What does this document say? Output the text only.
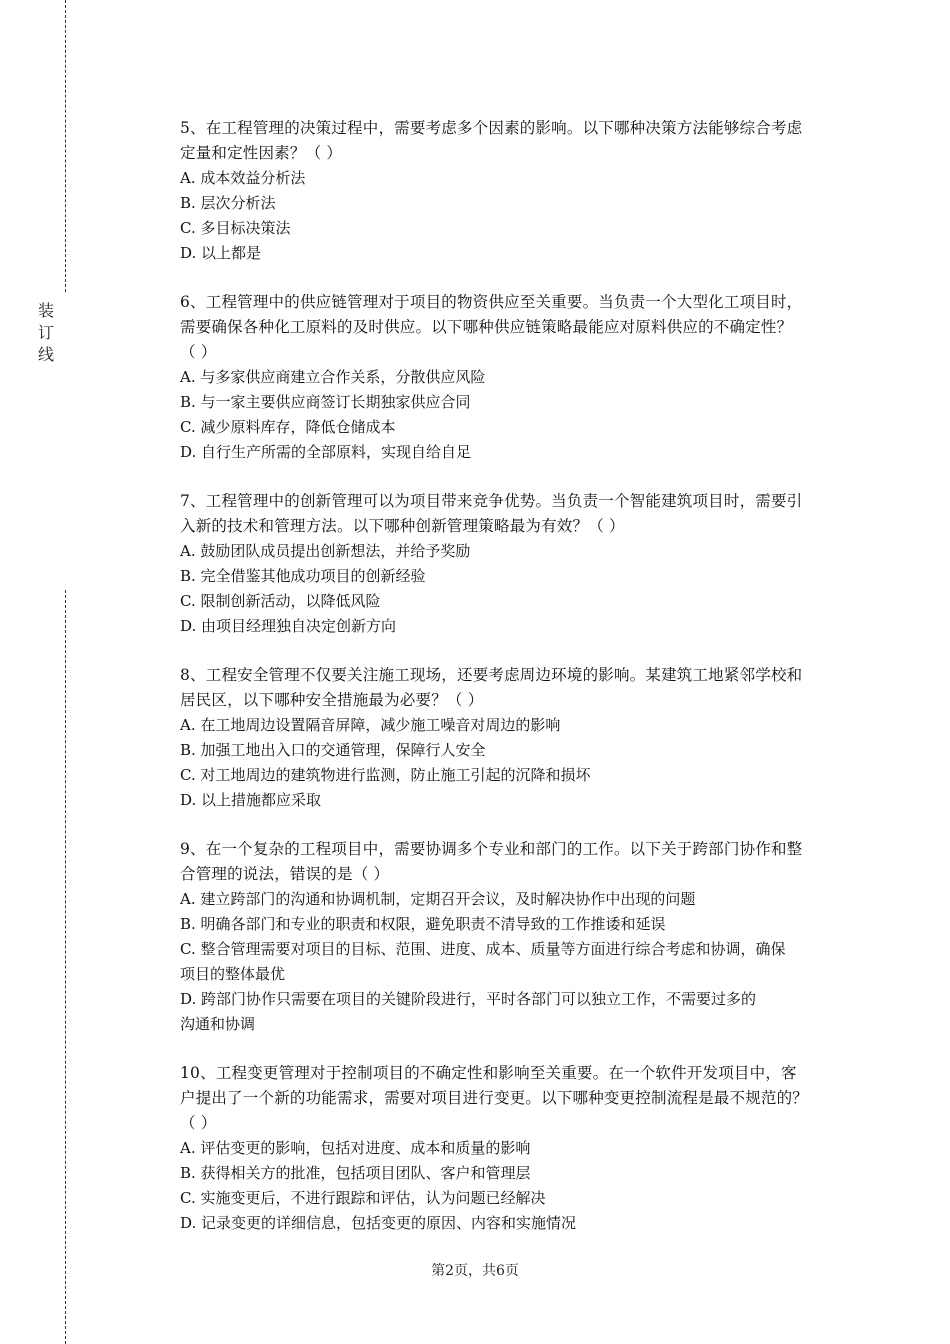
装订线

5、在工程管理的决策过程中，需要考虑多个因素的影响。以下哪种决策方法能够综合考虑

定量和定性因素？（ ）

A. 成本效益分析法

B. 层次分析法

C. 多目标决策法

D. 以上都是

6、工程管理中的供应链管理对于项目的物资供应至关重要。当负责一个大型化工项目时，

需要确保各种化工原料的及时供应。以下哪种供应链策略最能应对原料供应的不确定性？

（ ）

A. 与多家供应商建立合作关系，分散供应风险

B. 与一家主要供应商签订长期独家供应合同

C. 减少原料库存，降低仓储成本

D. 自行生产所需的全部原料，实现自给自足

7、工程管理中的创新管理可以为项目带来竞争优势。当负责一个智能建筑项目时，需要引

入新的技术和管理方法。以下哪种创新管理策略最为有效？（ ）

A. 鼓励团队成员提出创新想法，并给予奖励

B. 完全借鉴其他成功项目的创新经验

C. 限制创新活动，以降低风险

D. 由项目经理独自决定创新方向

8、工程安全管理不仅要关注施工现场，还要考虑周边环境的影响。某建筑工地紧邻学校和

居民区，以下哪种安全措施最为必要？（ ）

A. 在工地周边设置隔音屏障，减少施工噪音对周边的影响

B. 加强工地出入口的交通管理，保障行人安全

C. 对工地周边的建筑物进行监测，防止施工引起的沉降和损坏

D. 以上措施都应采取

9、在一个复杂的工程项目中，需要协调多个专业和部门的工作。以下关于跨部门协作和整

合管理的说法，错误的是（ ）

A. 建立跨部门的沟通和协调机制，定期召开会议，及时解决协作中出现的问题

B. 明确各部门和专业的职责和权限，避免职责不清导致的工作推诿和延误

C. 整合管理需要对项目的目标、范围、进度、成本、质量等方面进行综合考虑和协调，确保

项目的整体最优

D. 跨部门协作只需要在项目的关键阶段进行，平时各部门可以独立工作，不需要过多的

沟通和协调

10、工程变更管理对于控制项目的不确定性和影响至关重要。在一个软件开发项目中，客

户提出了一个新的功能需求，需要对项目进行变更。以下哪种变更控制流程是最不规范的？

（ ）

A. 评估变更的影响，包括对进度、成本和质量的影响

B. 获得相关方的批准，包括项目团队、客户和管理层

C. 实施变更后，不进行跟踪和评估，认为问题已经解决

D. 记录变更的详细信息，包括变更的原因、内容和实施情况

第2页，共6页
